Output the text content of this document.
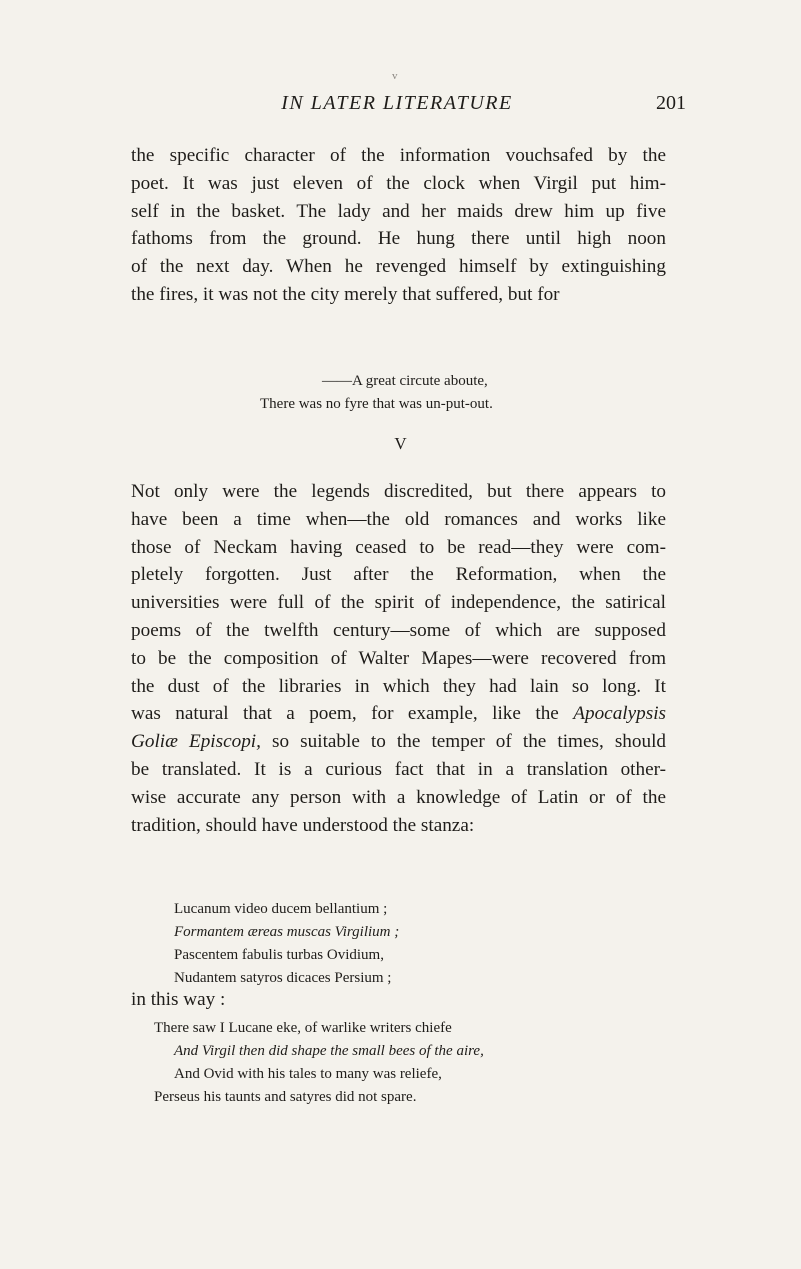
v
IN LATER LITERATURE	201
the specific character of the information vouchsafed by the
poet. It was just eleven of the clock when Virgil put him-
self in the basket. The lady and her maids drew him up five
fathoms from the ground. He hung there until high noon
of the next day. When he revenged himself by extinguishing
the fires, it was not the city merely that suffered, but for
——A great circute aboute,
There was no fyre that was un-put-out.
V
Not only were the legends discredited, but there appears to
have been a time when—the old romances and works like
those of Neckam having ceased to be read—they were com-
pletely forgotten. Just after the Reformation, when the
universities were full of the spirit of independence, the satirical
poems of the twelfth century—some of which are supposed
to be the composition of Walter Mapes—were recovered from
the dust of the libraries in which they had lain so long. It
was natural that a poem, for example, like the Apocalypsis
Goliæ Episcopi, so suitable to the temper of the times, should
be translated. It is a curious fact that in a translation other-
wise accurate any person with a knowledge of Latin or of the
tradition, should have understood the stanza:
Lucanum video ducem bellantium ;
Formantem æreas muscas Virgilium ;
Pascentem fabulis turbas Ovidium,
Nudantem satyros dicaces Persium ;
in this way :
There saw I Lucane eke, of warlike writers chiefe
And Virgil then did shape the small bees of the aire,
And Ovid with his tales to many was reliefe,
Perseus his taunts and satyres did not spare.
